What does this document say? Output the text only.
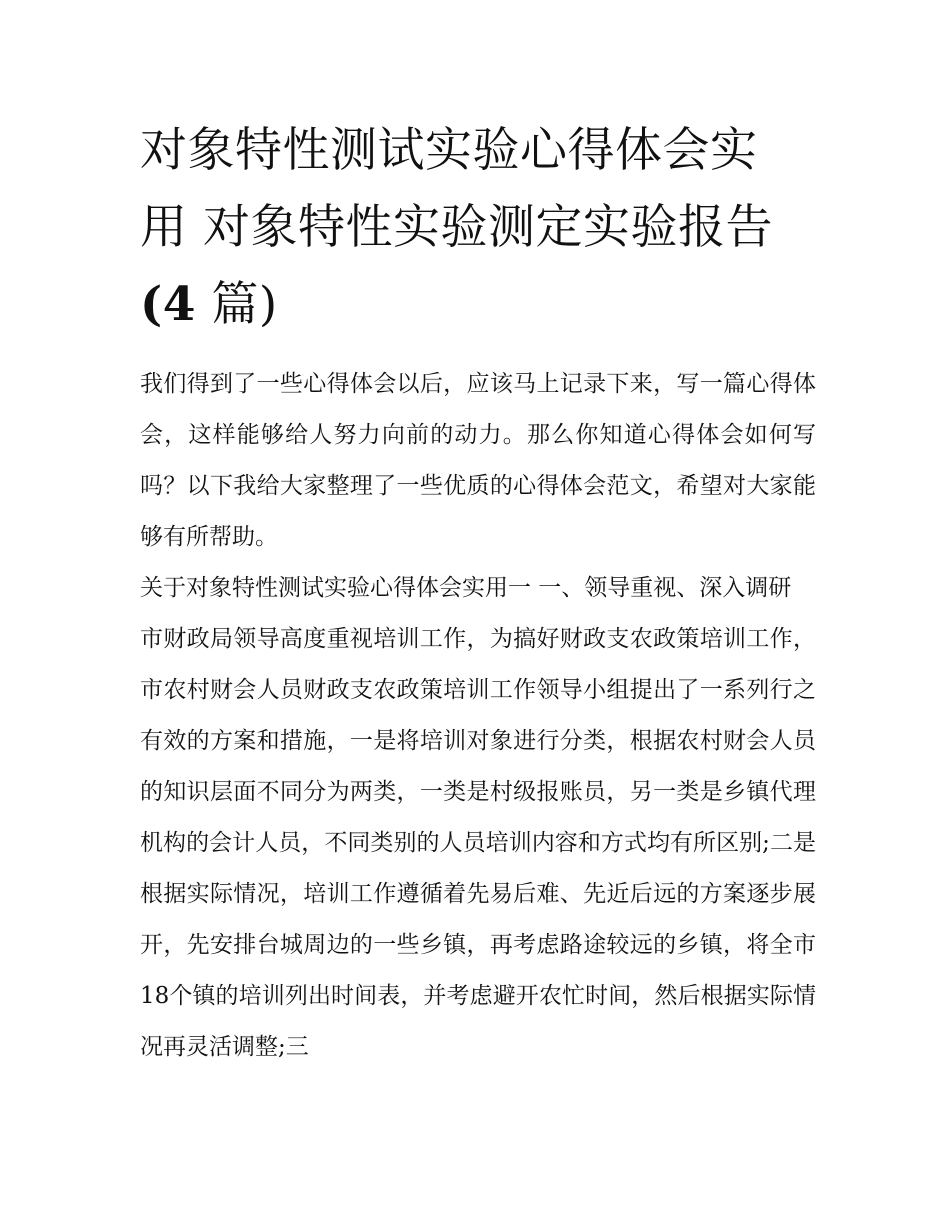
对象特性测试实验心得体会实
用 对象特性实验测定实验报告
(4 篇)

我们得到了一些心得体会以后，应该马上记录下来，写一篇心得体会，这样能够给人努力向前的动力。那么你知道心得体会如何写吗？以下我给大家整理了一些优质的心得体会范文，希望对大家能够有所帮助。

关于对象特性测试实验心得体会实用一 一、领导重视、深入调研

市财政局领导高度重视培训工作，为搞好财政支农政策培训工作，市农村财会人员财政支农政策培训工作领导小组提出了一系列行之有效的方案和措施，一是将培训对象进行分类，根据农村财会人员的知识层面不同分为两类，一类是村级报账员，另一类是乡镇代理机构的会计人员，不同类别的人员培训内容和方式均有所区别;二是根据实际情况，培训工作遵循着先易后难、先近后远的方案逐步展开，先安排台城周边的一些乡镇，再考虑路途较远的乡镇，将全市18个镇的培训列出时间表，并考虑避开农忙时间，然后根据实际情况再灵活调整;三
